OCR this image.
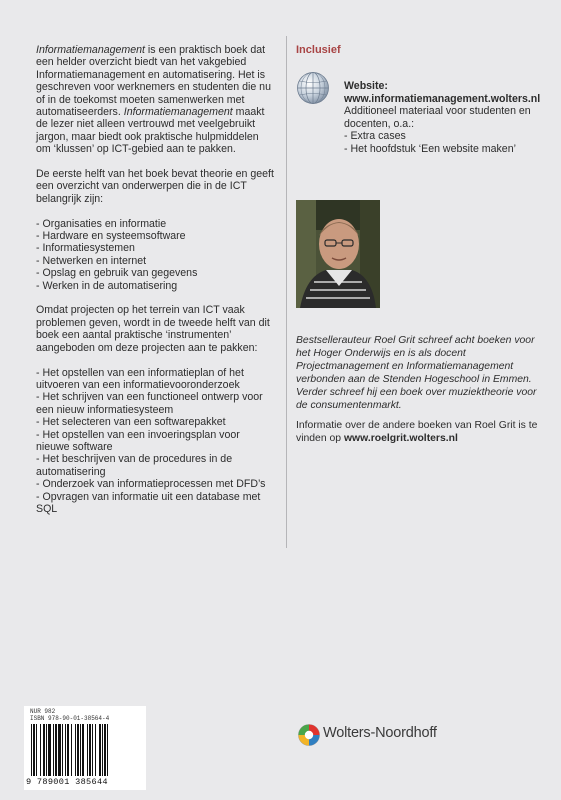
Informatiemanagement is een praktisch boek dat een helder overzicht biedt van het vakgebied Informatiemanagement en automatisering. Het is geschreven voor werknemers en studenten die nu of in de toekomst moeten samenwerken met automatiseerders. Informatiemanagement maakt de lezer niet alleen vertrouwd met veelgebruikt jargon, maar biedt ook praktische hulpmiddelen om ‘klussen’ op ICT-gebied aan te pakken.

De eerste helft van het boek bevat theorie en geeft een overzicht van onderwerpen die in de ICT belangrijk zijn:

- Organisaties en informatie
- Hardware en systeemsoftware
- Informatiesystemen
- Netwerken en internet
- Opslag en gebruik van gegevens
- Werken in de automatisering

Omdat projecten op het terrein van ICT vaak problemen geven, wordt in de tweede helft van dit boek een aantal praktische ‘instrumenten’ aangeboden om deze projecten aan te pakken:

- Het opstellen van een informatieplan of het uitvoeren van een informatievooronderzoek
- Het schrijven van een functioneel ontwerp voor een nieuw informatiesysteem
- Het selecteren van een softwarepakket
- Het opstellen van een invoeringsplan voor nieuwe software
- Het beschrijven van de procedures in de automatisering
- Onderzoek van informatieprocessen met DFD’s
- Opvragen van informatie uit een database met SQL
Inclusief
Website:
www.informatiemanagement.wolters.nl
Additioneel materiaal voor studenten en docenten, o.a.:
- Extra cases
- Het hoofdstuk ‘Een website maken’
Bestsellerauteur Roel Grit schreef acht boeken voor het Hoger Onderwijs en is als docent Projectmanagement en Informatiemanagement verbonden aan de Stenden Hogeschool in Emmen. Verder schreef hij een boek over muziektheorie voor de consumentenmarkt.
Informatie over de andere boeken van Roel Grit is te vinden op www.roelgrit.wolters.nl
NUR 982
ISBN 978-90-01-38564-4
9 789001 385644
Wolters-Noordhoff
